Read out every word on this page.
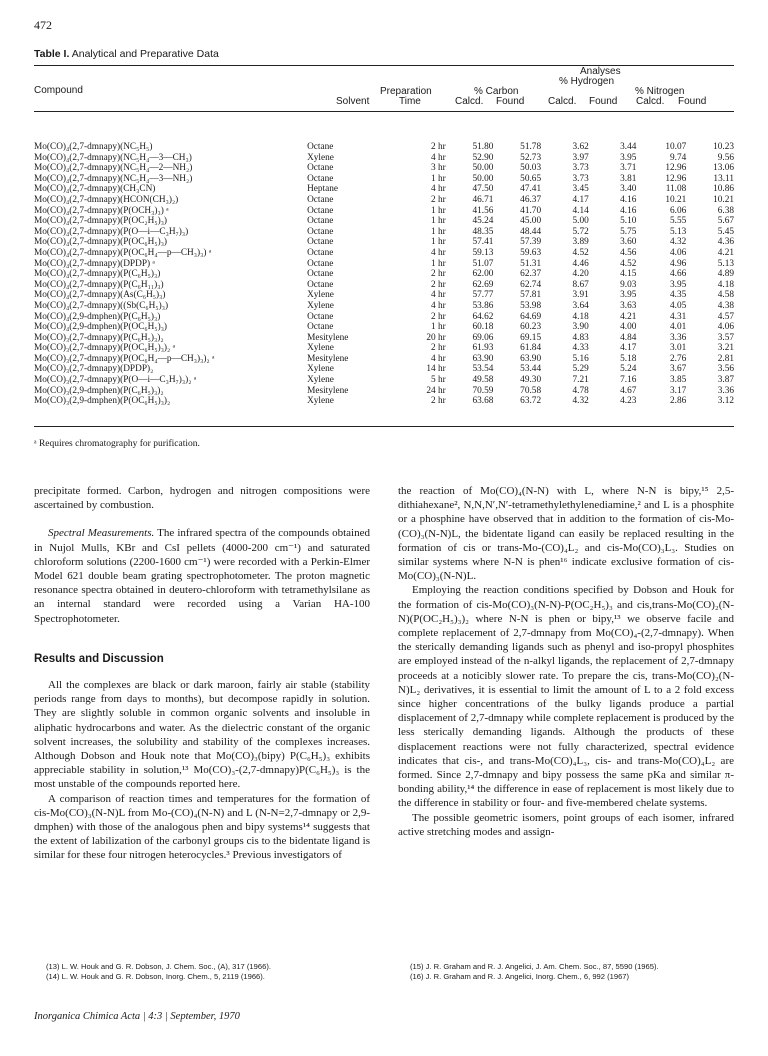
472
Table I. Analytical and Preparative Data
Compound	Preparation
Solvent	Time
Analyses
% Carbon
% Hydrogen
% Nitrogen
Calcd. Found Calcd. Found Calcd. Found
Mo(CO)₄(2,7-dmnapy)(NC₅H₅)	Octane	2 hr	51.80	51.78	3.62	3.44	10.07	10.23
Mo(CO)₄(2,7-dmnapy)(NC₅H₄—3—CH₃)	Xylene	4 hr	52.90	52.73	3.97	3.95	9.74	9.56
Mo(CO)₄(2,7-dmnapy)(NC₅H₄—2—NH₂)	Octane	3 hr	50.00	50.03	3.73	3.71	12.96	13.06
Mo(CO)₄(2,7-dmnapy)(NC₅H₄—3—NH₂)	Octane	1 hr	50.00	50.65	3.73	3.81	12.96	13.11
Mo(CO)₄(2,7-dmnapy)(CH₃CN)	Heptane	4 hr	47.50	47.41	3.45	3.40	11.08	10.86
Mo(CO)₄(2,7-dmnapy)(HCON(CH₃)₂)	Octane	2 hr	46.71	46.37	4.17	4.16	10.21	10.21
Mo(CO)₄(2,7-dmnapy)(P(OCH₃)₃) ᵃ	Octane	1 hr	41.56	41.70	4.14	4.16	6.06	6.38
Mo(CO)₄(2,7-dmnapy)(P(OC₂H₅)₃)	Octane	1 hr	45.24	45.00	5.00	5.10	5.55	5.67
Mo(CO)₄(2,7-dmnapy)(P(O—i—C₃H₇)₃)	Octane	1 hr	48.35	48.44	5.72	5.75	5.13	5.45
Mo(CO)₄(2,7-dmnapy)(P(OC₆H₅)₃)	Octane	1 hr	57.41	57.39	3.89	3.60	4.32	4.36
Mo(CO)₄(2,7-dmnapy)(P(OC₆H₄—p—CH₃)₃) ᵃ	Octane	4 hr	59.13	59.63	4.52	4.56	4.06	4.21
Mo(CO)₄(2,7-dmnapy)(DPDP) ᵃ	Octane	1 hr	51.07	51.31	4.46	4.52	4.96	5.13
Mo(CO)₄(2,7-dmnapy)(P(C₆H₅)₃)	Octane	2 hr	62.00	62.37	4.20	4.15	4.66	4.89
Mo(CO)₄(2,7-dmnapy)(P(C₆H₁₁)₃)	Octane	2 hr	62.69	62.74	8.67	9.03	3.95	4.18
Mo(CO)₄(2,7-dmnapy)(As(C₆H₅)₃)	Xylene	4 hr	57.77	57.81	3.91	3.95	4.35	4.58
Mo(CO)₄(2,7-dmnapy)((Sb(C₆H₅)₃)	Xylene	4 hr	53.86	53.98	3.64	3.63	4.05	4.38
Mo(CO)₄(2,9-dmphen)(P(C₆H₅)₃)	Octane	2 hr	64.62	64.69	4.18	4.21	4.31	4.57
Mo(CO)₄(2,9-dmphen)(P(OC₆H₅)₃)	Octane	1 hr	60.18	60.23	3.90	4.00	4.01	4.06
Mo(CO)₃(2,7-dmnapy)(P(C₆H₅)₃)₂	Mesitylene	20 hr	69.06	69.15	4.83	4.84	3.36	3.57
Mo(CO)₃(2,7-dmnapy)(P(OC₆H₅)₃)₂ ᵃ	Xylene	2 hr	61.93	61.84	4.33	4.17	3.01	3.21
Mo(CO)₃(2,7-dmnapy)(P(OC₆H₄—p—CH₃)₃)₂ ᵃ	Mesitylene	4 hr	63.90	63.90	5.16	5.18	2.76	2.81
Mo(CO)₃(2,7-dmnapy)(DPDP)₂	Xylene	14 hr	53.54	53.44	5.29	5.24	3.67	3.56
Mo(CO)₃(2,7-dmnapy)(P(O—i—C₃H₇)₃)₂ ᵃ	Xylene	5 hr	49.58	49.30	7.21	7.16	3.85	3.87
Mo(CO)₃(2,9-dmphen)(P(C₆H₅)₃)₂	Mesitylene	24 hr	70.59	70.58	4.78	4.67	3.17	3.36
Mo(CO)₃(2,9-dmphen)(P(OC₆H₅)₃)₂	Xylene	2 hr	63.68	63.72	4.32	4.23	2.86	3.12
ᵃ Requires chromatography for purification.

precipitate formed. Carbon, hydrogen and nitrogen compositions were ascertained by combustion.

Spectral Measurements. The infrared spectra of the compounds obtained in Nujol Mulls, KBr and CsI pellets (4000-200 cm⁻¹) and saturated chloroform solutions (2200-1600 cm⁻¹) were recorded with a Perkin-Elmer Model 621 double beam grating spectrophotometer. The proton magnetic resonance spectra obtained in deutero-chloroform with tetramethylsilane as an internal standard were recorded using a Varian HA-100 Spectrophotometer.

Results and Discussion

All the complexes are black or dark maroon, fairly air stable (stability periods range from days to months), but decompose rapidly in solution. They are slightly soluble in common organic solvents and insoluble in aliphatic hydrocarbons and water. As the dielectric constant of the organic solvent increases, the solubility and stability of the complexes increases. Although Dobson and Houk note that Mo(CO)₃(bipy) P(C₆H₅)₃ exhibits appreciable stability in solution,¹³ Mo(CO)₃-(2,7-dmnapy)P(C₆H₅)₃ is the most unstable of the compounds reported here.

A comparison of reaction times and temperatures for the formation of cis-Mo(CO)₃(N-N)L from Mo-(CO)₄(N-N) and L (N-N=2,7-dmnapy or 2,9-dmphen) with those of the analogous phen and bipy systems¹⁴ suggests that the extent of labilization of the carbonyl groups cis to the bidentate ligand is similar for these four nitrogen heterocycles.³ Previous investigators of

(13) L. W. Houk and G. R. Dobson, J. Chem. Soc., (A), 317 (1966).
(14) L. W. Houk and G. R. Dobson, Inorg. Chem., 5, 2119 (1966).

the reaction of Mo(CO)₄(N-N) with L, where N-N is bipy,¹⁵ 2,5-dithiahexane², N,N,N′,N′-tetramethylethylenediamine,² and L is a phosphite or a phosphine have observed that in addition to the formation of cis-Mo-(CO)₃(N-N)L, the bidentate ligand can easily be replaced resulting in the formation of cis or trans-Mo-(CO)₄L₂ and cis-Mo(CO)₃L₃. Studies on similar systems where N-N is phen¹⁶ indicate exclusive formation of cis-Mo(CO)₃(N-N)L.

Employing the reaction conditions specified by Dobson and Houk for the formation of cis-Mo(CO)₃(N-N)-P(OC₂H₅)₃ and cis,trans-Mo(CO)₂(N-N)(P(OC₂H₅)₃)₂ where N-N is phen or bipy,¹³ we observe facile and complete replacement of 2,7-dmnapy from Mo(CO)₄-(2,7-dmnapy). When the sterically demanding ligands such as phenyl and iso-propyl phosphites are employed instead of the n-alkyl ligands, the replacement of 2,7-dmnapy proceeds at a noticibly slower rate. To prepare the cis, trans-Mo(CO)₂(N-N)L₂ derivatives, it is essential to limit the amount of L to a 2 fold excess since higher concentrations of the bulky ligands produce a partial displacement of 2,7-dmnapy while complete replacement is produced by the less sterically demanding ligands. Although the products of these displacement reactions were not fully characterized, spectral evidence indicates that cis-, and trans-Mo(CO)₄L₃, cis- and trans-Mo(CO)₄L₂ are formed. Since 2,7-dmnapy and bipy possess the same pKa and similar π-bonding ability,¹⁴ the difference in ease of replacement is most likely due to the difference in stability or four- and five-membered chelate systems.

The possible geometric isomers, point groups of each isomer, infrared active stretching modes and assign-

(15) J. R. Graham and R. J. Angelici, J. Am. Chem. Soc., 87, 5590 (1965).
(16) J. R. Graham and R. J. Angelici, Inorg. Chem., 6, 992 (1967)
Inorganica Chimica Acta | 4:3 | September, 1970
